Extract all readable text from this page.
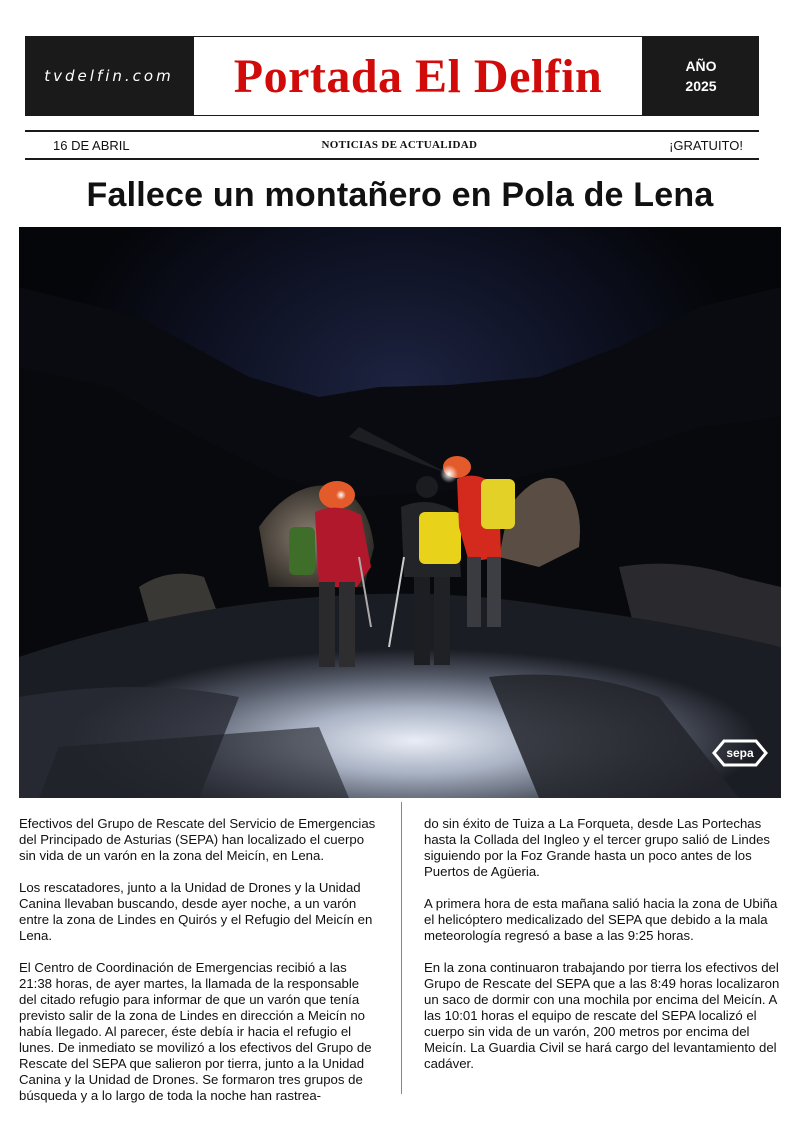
tvdelfin.com	Portada El Delfin	AÑO
2025
16 DE ABRIL	NOTICIAS DE ACTUALIDAD	¡GRATUITO!
Fallece un montañero en Pola de Lena
sepa

Efectivos del Grupo de Rescate del Servicio de Emergencias del Principado de Asturias (SEPA) han localizado el cuerpo sin vida de un varón en la zona del Meicín, en Lena.

Los rescatadores, junto a la Unidad de Drones y la Unidad Canina llevaban buscando, desde ayer noche, a un varón entre la zona de Lindes en Quirós y el Refugio del Meicín en Lena.

El Centro de Coordinación de Emergencias recibió a las 21:38 horas, de ayer martes, la llamada de la responsable del citado refugio para informar de que un varón que tenía previsto salir de la zona de Lindes en dirección a Meicín no había llegado. Al parecer, éste debía ir hacia el refugio el lunes. De inmediato se movilizó a los efectivos del Grupo de Rescate del SEPA que salieron por tierra, junto a la Unidad Canina y la Unidad de Drones. Se formaron tres grupos de búsqueda y a lo largo de toda la noche han rastrea-

do sin éxito de Tuiza a La Forqueta, desde Las Portechas hasta la Collada del Ingleo y el tercer grupo salió de Lindes siguiendo por la Foz Grande hasta un poco antes de los Puertos de Agüeria.

A primera hora de esta mañana salió hacia la zona de Ubiña el helicóptero medicalizado del SEPA que debido a la mala meteorología regresó a base a las 9:25 horas.

En la zona continuaron trabajando por tierra los efectivos del Grupo de Rescate del SEPA que a las 8:49 horas localizaron un saco de dormir con una mochila por encima del Meicín. A las 10:01 horas el equipo de rescate del SEPA localizó el cuerpo sin vida de un varón, 200 metros por encima del Meicín. La Guardia Civil se hará cargo del levantamiento del cadáver.
